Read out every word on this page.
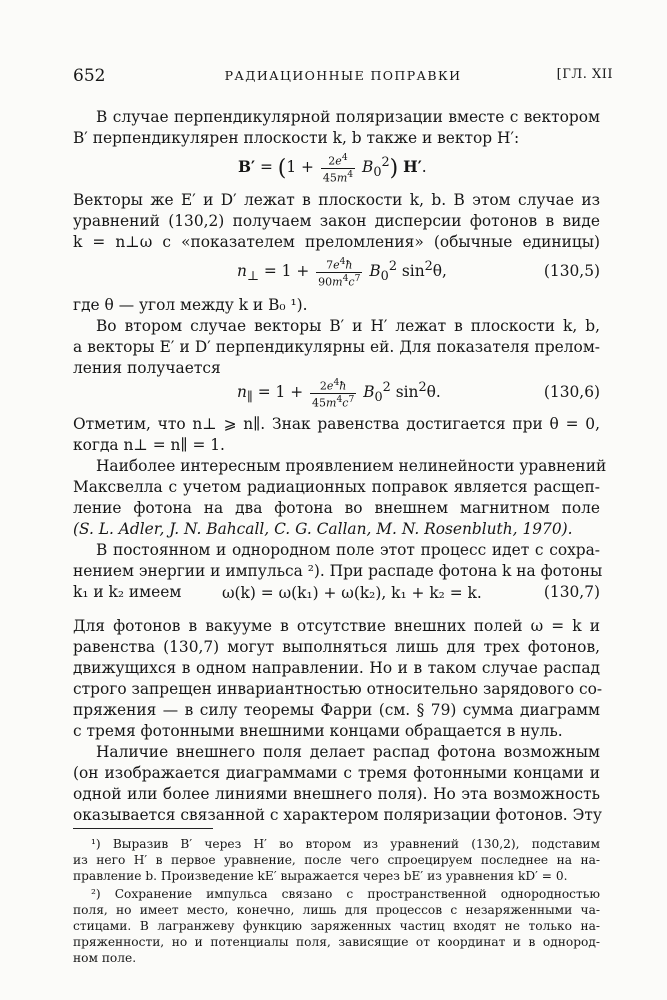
652	РАДИАЦИОННЫЕ ПОПРАВКИ	[ГЛ. XII
В случае перпендикулярной поляризации вместе с вектором
B′ перпендикулярен плоскости k, b также и вектор H′:
$B' = (1 + \frac{2e^4}{45m^4} B_0^2)$ H′.
Векторы же E′ и D′ лежат в плоскости k, b. В этом случае из
уравнений (130,2) получаем закон дисперсии фотонов в виде
k = n⊥ω с «показателем преломления» (обычные единицы)
$n_\perp = 1 + \frac{7e^4ħ}{90m^4c^7} B_0^2$ $\sin^2\theta$,	(130,5)
где θ — угол между k и B₀ ¹).
Во втором случае векторы B′ и H′ лежат в плоскости k, b,
а векторы E′ и D′ перпендикулярны ей. Для показателя прелом-
ления получается
$n_\parallel = 1 + \frac{2e^4ħ}{45m^4c^7} B_0^2$ $\sin^2\theta$.	(130,6)
Отметим, что n⊥ ⩾ n∥. Знак равенства достигается при θ = 0,
когда n⊥ = n∥ = 1.
Наиболее интересным проявлением нелинейности уравнений
Максвелла с учетом радиационных поправок является расщеп-
ление фотона на два фотона во внешнем магнитном поле
(S. L. Adler, J. N. Bahcall, C. G. Callan, M. N. Rosenbluth, 1970).
В постоянном и однородном поле этот процесс идет с сохра-
нением энергии и импульса ²). При распаде фотона k на фотоны
k₁ и k₂ имеем	ω(k) = ω(k₁) + ω(k₂), k₁ + k₂ = k.	(130,7)
Для фотонов в вакууме в отсутствие внешних полей ω = k и
равенства (130,7) могут выполняться лишь для трех фотонов,
движущихся в одном направлении. Но и в таком случае распад
строго запрещен инвариантностью относительно зарядового со-
пряжения — в силу теоремы Фарри (см. § 79) сумма диаграмм
с тремя фотонными внешними концами обращается в нуль.
Наличие внешнего поля делает распад фотона возможным
(он изображается диаграммами с тремя фотонными концами и
одной или более линиями внешнего поля). Но эта возможность
оказывается связанной с характером поляризации фотонов. Эту
¹) Выразив B′ через H′ во втором из уравнений (130,2), подставим
из него H′ в первое уравнение, после чего спроецируем последнее на на-
правление b. Произведение kE′ выражается через bE′ из уравнения kD′ = 0.
²) Сохранение импульса связано с пространственной однородностью
поля, но имеет место, конечно, лишь для процессов с незаряженными ча-
стицами. В лагранжеву функцию заряженных частиц входят не только на-
пряженности, но и потенциалы поля, зависящие от координат и в однород-
ном поле.
